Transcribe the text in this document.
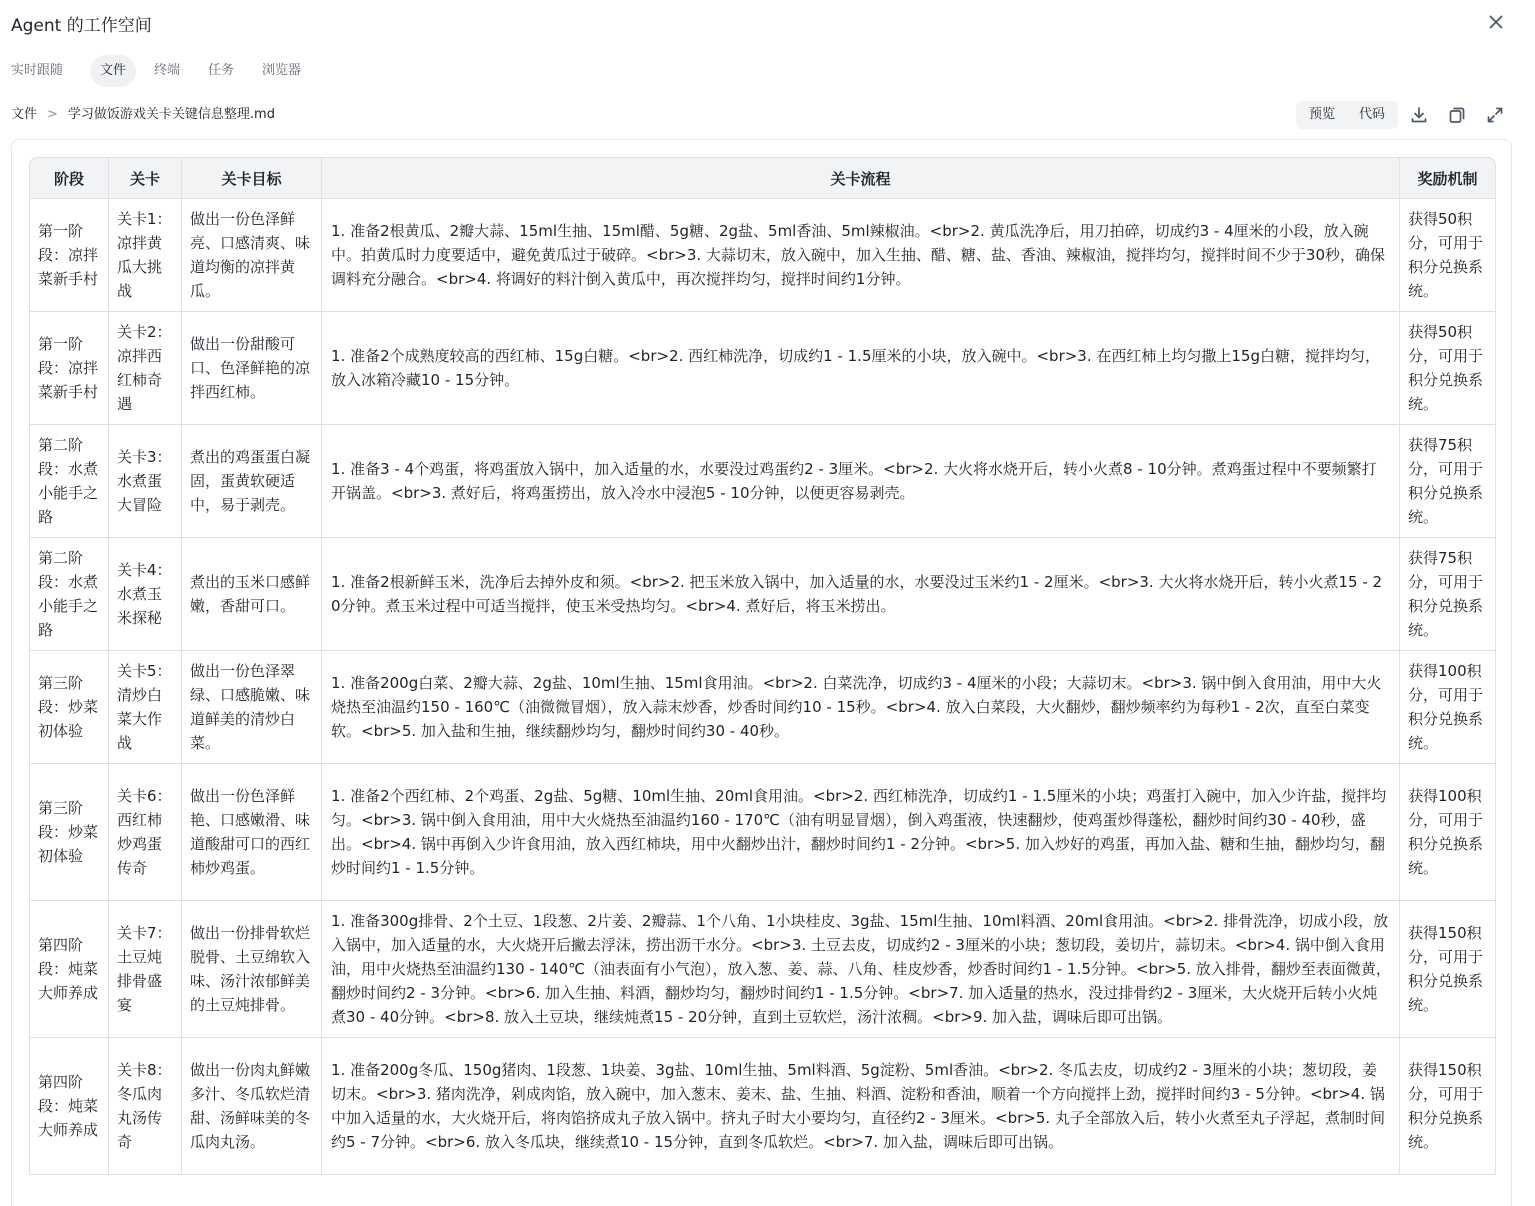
Agent 的工作空间
实时跟随	文件	终端	任务	浏览器
文件 > 学习做饭游戏关卡关键信息整理.md	预览	代码
阶段	关卡	关卡目标	关卡流程	奖励机制
第一阶段：凉拌菜新手村	关卡1：凉拌黄瓜大挑战	做出一份色泽鲜亮、口感清爽、味道均衡的凉拌黄瓜。	1. 准备2根黄瓜、2瓣大蒜、15ml生抽、15ml醋、5g糖、2g盐、5ml香油、5ml辣椒油。<br>2. 黄瓜洗净后，用刀拍碎，切成约3 - 4厘米的小段，放入碗中。拍黄瓜时力度要适中，避免黄瓜过于破碎。<br>3. 大蒜切末，放入碗中，加入生抽、醋、糖、盐、香油、辣椒油，搅拌均匀，搅拌时间不少于30秒，确保调料充分融合。<br>4. 将调好的料汁倒入黄瓜中，再次搅拌均匀，搅拌时间约1分钟。	获得50积分，可用于积分兑换系统。
第一阶段：凉拌菜新手村	关卡2：凉拌西红柿奇遇	做出一份甜酸可口、色泽鲜艳的凉拌西红柿。	1. 准备2个成熟度较高的西红柿、15g白糖。<br>2. 西红柿洗净，切成约1 - 1.5厘米的小块，放入碗中。<br>3. 在西红柿上均匀撒上15g白糖，搅拌均匀，放入冰箱冷藏10 - 15分钟。	获得50积分，可用于积分兑换系统。
第二阶段：水煮小能手之路	关卡3：水煮蛋大冒险	煮出的鸡蛋蛋白凝固，蛋黄软硬适中，易于剥壳。	1. 准备3 - 4个鸡蛋，将鸡蛋放入锅中，加入适量的水，水要没过鸡蛋约2 - 3厘米。<br>2. 大火将水烧开后，转小火煮8 - 10分钟。煮鸡蛋过程中不要频繁打开锅盖。<br>3. 煮好后，将鸡蛋捞出，放入冷水中浸泡5 - 10分钟，以便更容易剥壳。	获得75积分，可用于积分兑换系统。
第二阶段：水煮小能手之路	关卡4：水煮玉米探秘	煮出的玉米口感鲜嫩，香甜可口。	1. 准备2根新鲜玉米，洗净后去掉外皮和须。<br>2. 把玉米放入锅中，加入适量的水，水要没过玉米约1 - 2厘米。<br>3. 大火将水烧开后，转小火煮15 - 20分钟。煮玉米过程中可适当搅拌，使玉米受热均匀。<br>4. 煮好后，将玉米捞出。	获得75积分，可用于积分兑换系统。
第三阶段：炒菜初体验	关卡5：清炒白菜大作战	做出一份色泽翠绿、口感脆嫩、味道鲜美的清炒白菜。	1. 准备200g白菜、2瓣大蒜、2g盐、10ml生抽、15ml食用油。<br>2. 白菜洗净，切成约3 - 4厘米的小段；大蒜切末。<br>3. 锅中倒入食用油，用中大火烧热至油温约150 - 160℃（油微微冒烟），放入蒜末炒香，炒香时间约10 - 15秒。<br>4. 放入白菜段，大火翻炒，翻炒频率约为每秒1 - 2次，直至白菜变软。<br>5. 加入盐和生抽，继续翻炒均匀，翻炒时间约30 - 40秒。	获得100积分，可用于积分兑换系统。
第三阶段：炒菜初体验	关卡6：西红柿炒鸡蛋传奇	做出一份色泽鲜艳、口感嫩滑、味道酸甜可口的西红柿炒鸡蛋。	1. 准备2个西红柿、2个鸡蛋、2g盐、5g糖、10ml生抽、20ml食用油。<br>2. 西红柿洗净，切成约1 - 1.5厘米的小块；鸡蛋打入碗中，加入少许盐，搅拌均匀。<br>3. 锅中倒入食用油，用中大火烧热至油温约160 - 170℃（油有明显冒烟），倒入鸡蛋液，快速翻炒，使鸡蛋炒得蓬松，翻炒时间约30 - 40秒，盛出。<br>4. 锅中再倒入少许食用油，放入西红柿块，用中火翻炒出汁，翻炒时间约1 - 2分钟。<br>5. 加入炒好的鸡蛋，再加入盐、糖和生抽，翻炒均匀，翻炒时间约1 - 1.5分钟。	获得100积分，可用于积分兑换系统。
第四阶段：炖菜大师养成	关卡7：土豆炖排骨盛宴	做出一份排骨软烂脱骨、土豆绵软入味、汤汁浓郁鲜美的土豆炖排骨。	1. 准备300g排骨、2个土豆、1段葱、2片姜、2瓣蒜、1个八角、1小块桂皮、3g盐、15ml生抽、10ml料酒、20ml食用油。<br>2. 排骨洗净，切成小段，放入锅中，加入适量的水，大火烧开后撇去浮沫，捞出沥干水分。<br>3. 土豆去皮，切成约2 - 3厘米的小块；葱切段，姜切片，蒜切末。<br>4. 锅中倒入食用油，用中火烧热至油温约130 - 140℃（油表面有小气泡），放入葱、姜、蒜、八角、桂皮炒香，炒香时间约1 - 1.5分钟。<br>5. 放入排骨，翻炒至表面微黄，翻炒时间约2 - 3分钟。<br>6. 加入生抽、料酒，翻炒均匀，翻炒时间约1 - 1.5分钟。<br>7. 加入适量的热水，没过排骨约2 - 3厘米，大火烧开后转小火炖煮30 - 40分钟。<br>8. 放入土豆块，继续炖煮15 - 20分钟，直到土豆软烂，汤汁浓稠。<br>9. 加入盐，调味后即可出锅。	获得150积分，可用于积分兑换系统。
第四阶段：炖菜大师养成	关卡8：冬瓜肉丸汤传奇	做出一份肉丸鲜嫩多汁、冬瓜软烂清甜、汤鲜味美的冬瓜肉丸汤。	1. 准备200g冬瓜、150g猪肉、1段葱、1块姜、3g盐、10ml生抽、5ml料酒、5g淀粉、5ml香油。<br>2. 冬瓜去皮，切成约2 - 3厘米的小块；葱切段，姜切末。<br>3. 猪肉洗净，剁成肉馅，放入碗中，加入葱末、姜末、盐、生抽、料酒、淀粉和香油，顺着一个方向搅拌上劲，搅拌时间约3 - 5分钟。<br>4. 锅中加入适量的水，大火烧开后，将肉馅挤成丸子放入锅中。挤丸子时大小要均匀，直径约2 - 3厘米。<br>5. 丸子全部放入后，转小火煮至丸子浮起，煮制时间约5 - 7分钟。<br>6. 放入冬瓜块，继续煮10 - 15分钟，直到冬瓜软烂。<br>7. 加入盐，调味后即可出锅。	获得150积分，可用于积分兑换系统。
